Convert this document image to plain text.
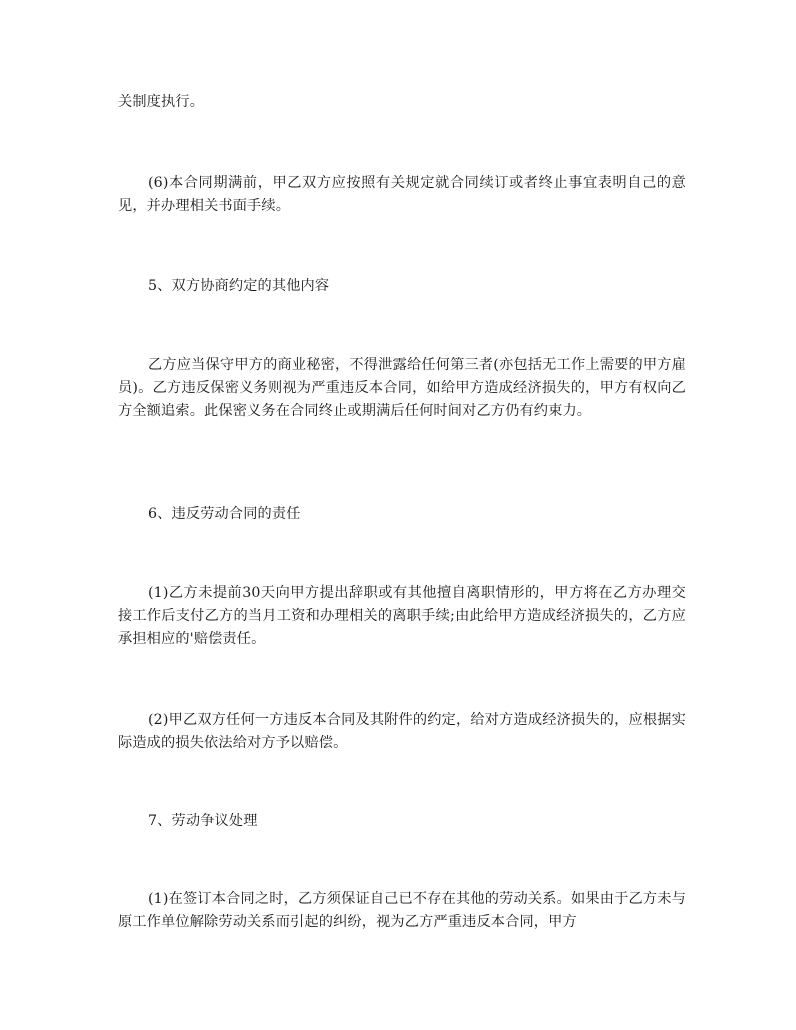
关制度执行。

(6)本合同期满前，甲乙双方应按照有关规定就合同续订或者终止事宜表明自己的意见，并办理相关书面手续。

5、双方协商约定的其他内容

乙方应当保守甲方的商业秘密，不得泄露给任何第三者(亦包括无工作上需要的甲方雇员)。乙方违反保密义务则视为严重违反本合同，如给甲方造成经济损失的，甲方有权向乙方全额追索。此保密义务在合同终止或期满后任何时间对乙方仍有约束力。

6、违反劳动合同的责任

(1)乙方未提前30天向甲方提出辞职或有其他擅自离职情形的，甲方将在乙方办理交接工作后支付乙方的当月工资和办理相关的离职手续;由此给甲方造成经济损失的，乙方应承担相应的'赔偿责任。

(2)甲乙双方任何一方违反本合同及其附件的约定，给对方造成经济损失的，应根据实际造成的损失依法给对方予以赔偿。

7、劳动争议处理

(1)在签订本合同之时，乙方须保证自己已不存在其他的劳动关系。如果由于乙方未与原工作单位解除劳动关系而引起的纠纷，视为乙方严重违反本合同，甲方
